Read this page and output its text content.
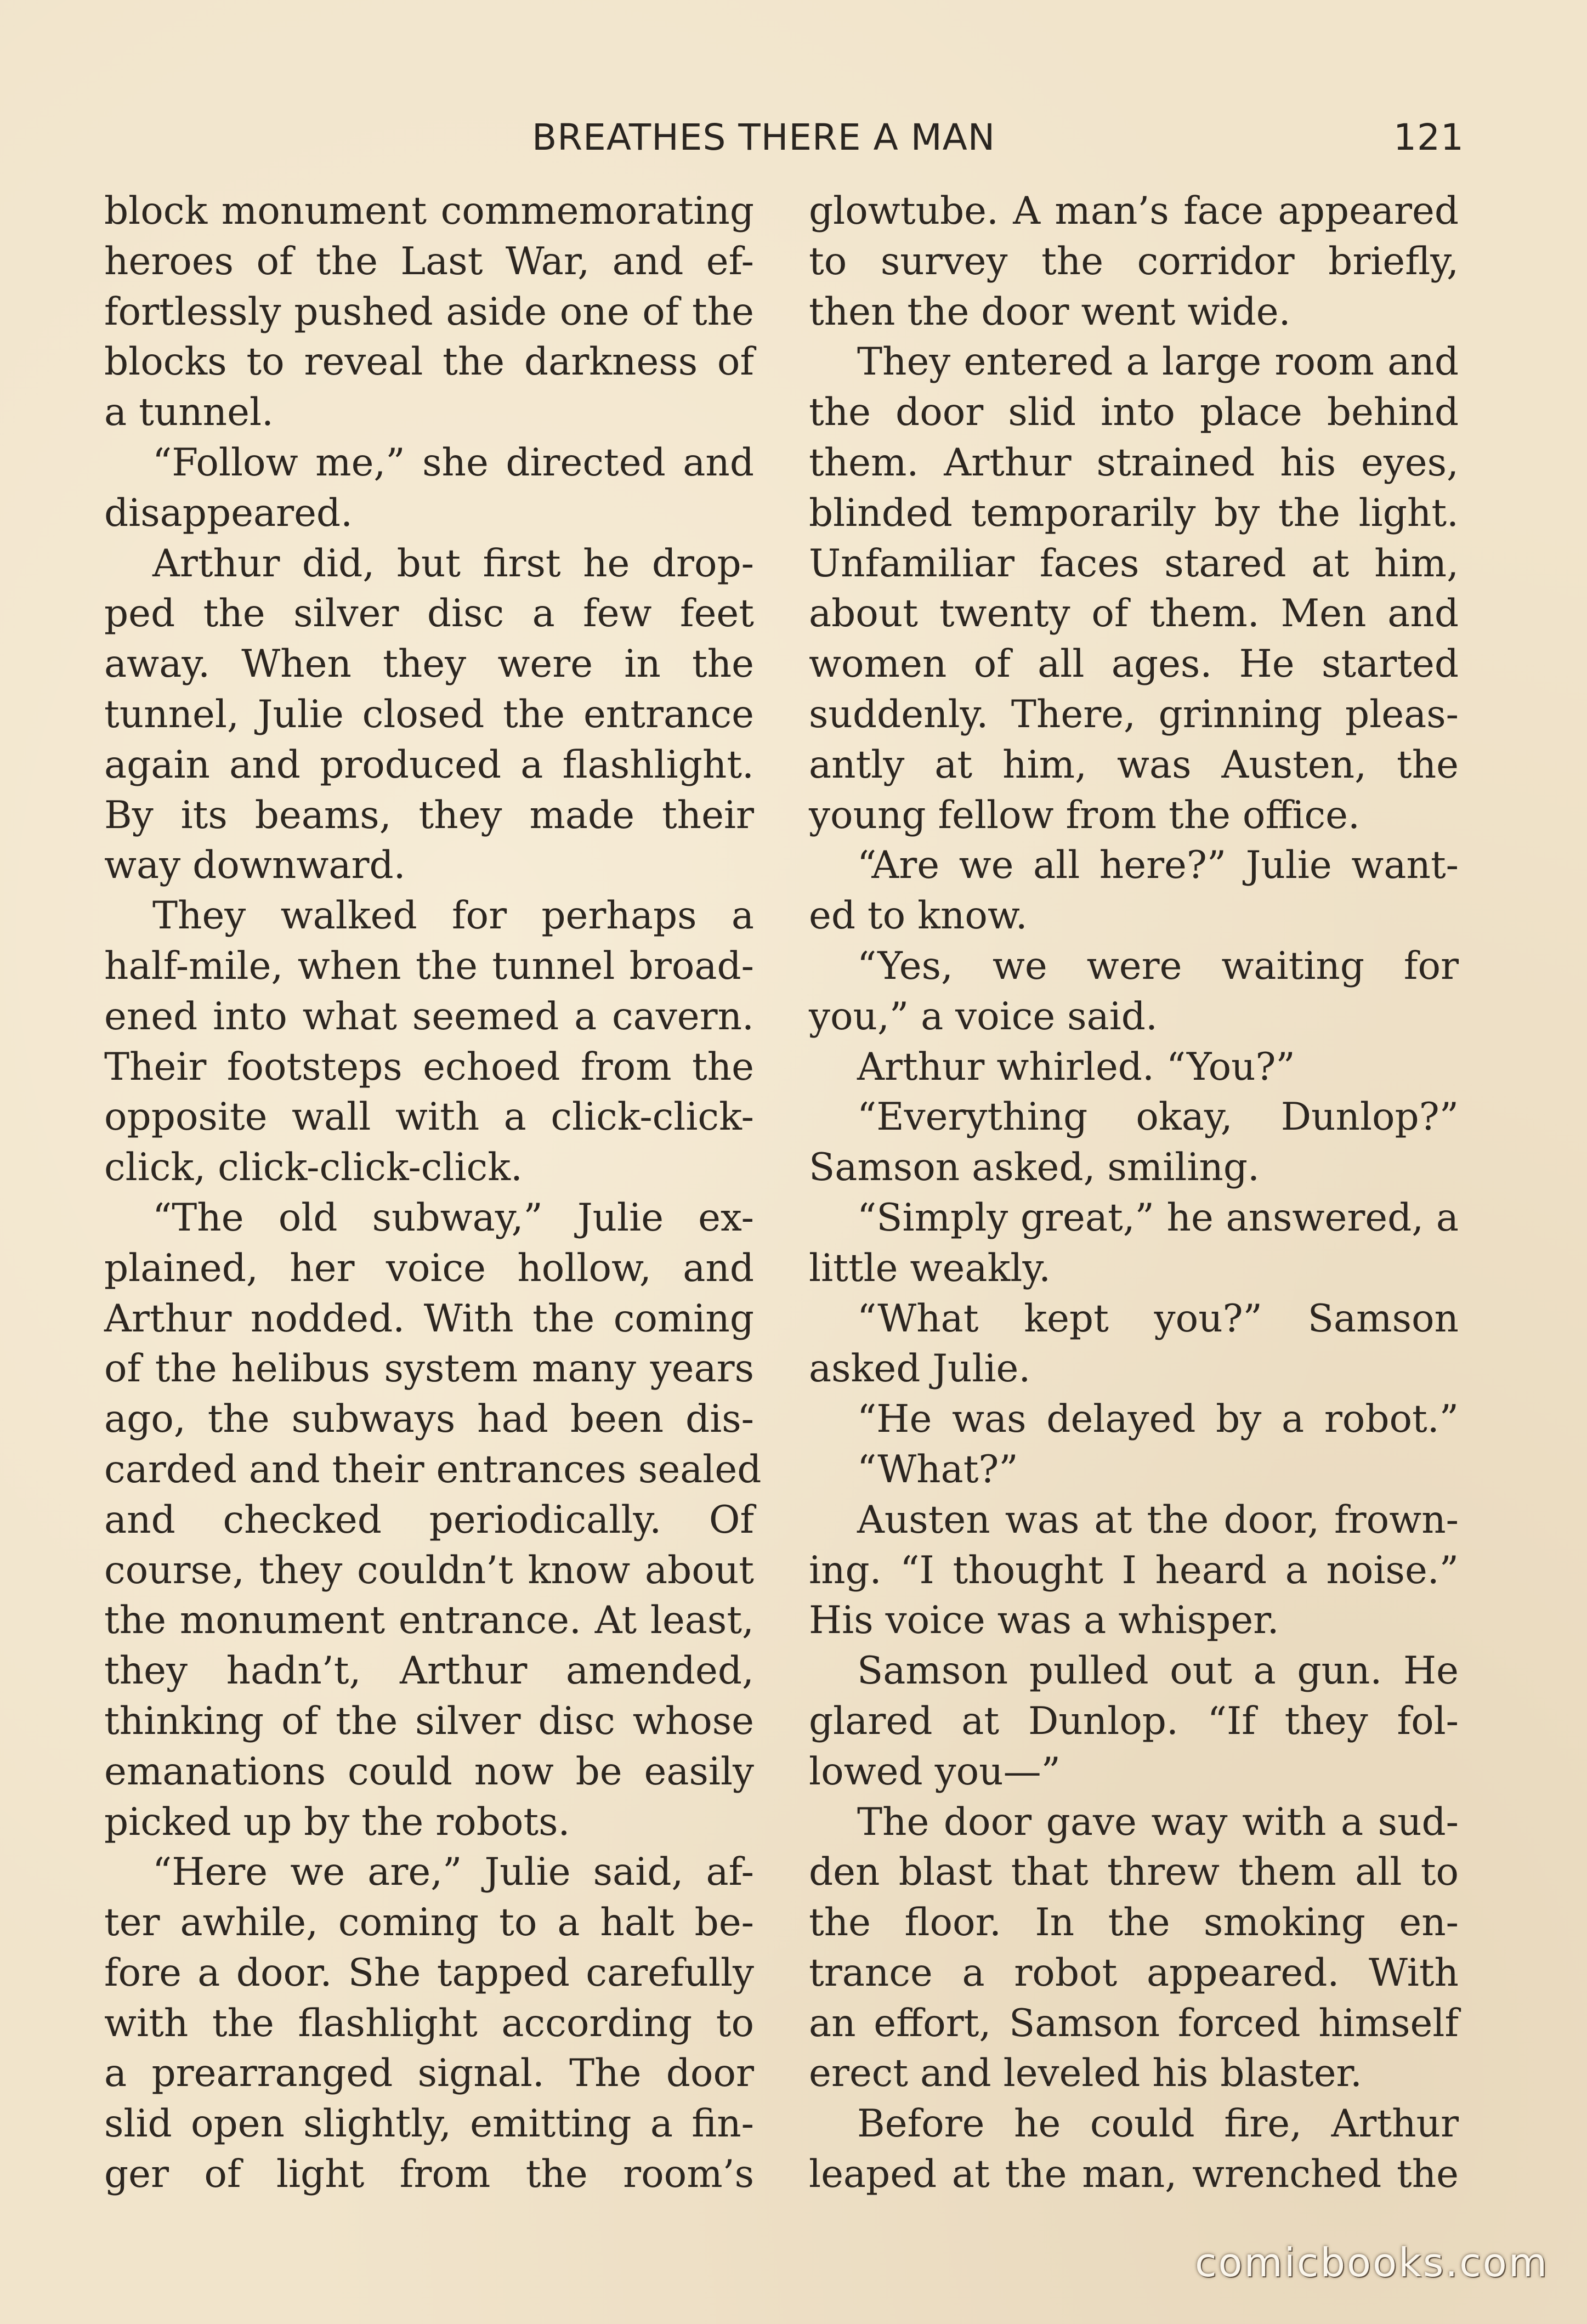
BREATHES THERE A MAN	121
block monument commemorating
heroes of the Last War, and ef-
fortlessly pushed aside one of the
blocks to reveal the darkness of
a tunnel.
“Follow me,” she directed and
disappeared.
Arthur did, but first he drop-
ped the silver disc a few feet
away. When they were in the
tunnel, Julie closed the entrance
again and produced a flashlight.
By its beams, they made their
way downward.
They walked for perhaps a
half-mile, when the tunnel broad-
ened into what seemed a cavern.
Their footsteps echoed from the
opposite wall with a click-click-
click, click-click-click.
“The old subway,” Julie ex-
plained, her voice hollow, and
Arthur nodded. With the coming
of the helibus system many years
ago, the subways had been dis-
carded and their entrances sealed
and checked periodically. Of
course, they couldn’t know about
the monument entrance. At least,
they hadn’t, Arthur amended,
thinking of the silver disc whose
emanations could now be easily
picked up by the robots.
“Here we are,” Julie said, af-
ter awhile, coming to a halt be-
fore a door. She tapped carefully
with the flashlight according to
a prearranged signal. The door
slid open slightly, emitting a fin-
ger of light from the room’s
glowtube. A man’s face appeared
to survey the corridor briefly,
then the door went wide.
They entered a large room and
the door slid into place behind
them. Arthur strained his eyes,
blinded temporarily by the light.
Unfamiliar faces stared at him,
about twenty of them. Men and
women of all ages. He started
suddenly. There, grinning pleas-
antly at him, was Austen, the
young fellow from the office.
“Are we all here?” Julie want-
ed to know.
“Yes, we were waiting for
you,” a voice said.
Arthur whirled. “You?”
“Everything okay, Dunlop?”
Samson asked, smiling.
“Simply great,” he answered, a
little weakly.
“What kept you?” Samson
asked Julie.
“He was delayed by a robot.”
“What?”
Austen was at the door, frown-
ing. “I thought I heard a noise.”
His voice was a whisper.
Samson pulled out a gun. He
glared at Dunlop. “If they fol-
lowed you—”
The door gave way with a sud-
den blast that threw them all to
the floor. In the smoking en-
trance a robot appeared. With
an effort, Samson forced himself
erect and leveled his blaster.
Before he could fire, Arthur
leaped at the man, wrenched the
comicbooks.com
